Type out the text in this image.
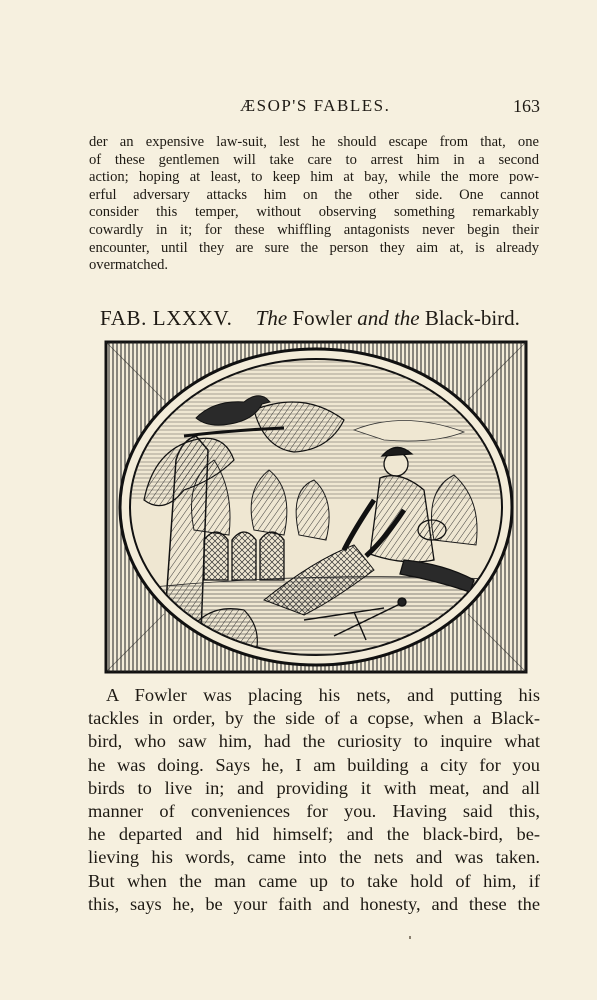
ÆSOP'S FABLES.	163
der an expensive law-suit, lest he should escape from that, one
of these gentlemen will take care to arrest him in a second
action; hoping at least, to keep him at bay, while the more pow-
erful adversary attacks him on the other side. One cannot
consider this temper, without observing something remarkably
cowardly in it; for these whiffling antagonists never begin their
encounter, until they are sure the person they aim at, is already
overmatched.
FAB. LXXXV. The Fowler and the Black-bird.
A Fowler was placing his nets, and putting his
tackles in order, by the side of a copse, when a Black-
bird, who saw him, had the curiosity to inquire what
he was doing. Says he, I am building a city for you
birds to live in; and providing it with meat, and all
manner of conveniences for you. Having said this,
he departed and hid himself; and the black-bird, be-
lieving his words, came into the nets and was taken.
But when the man came up to take hold of him, if
this, says he, be your faith and honesty, and these the
